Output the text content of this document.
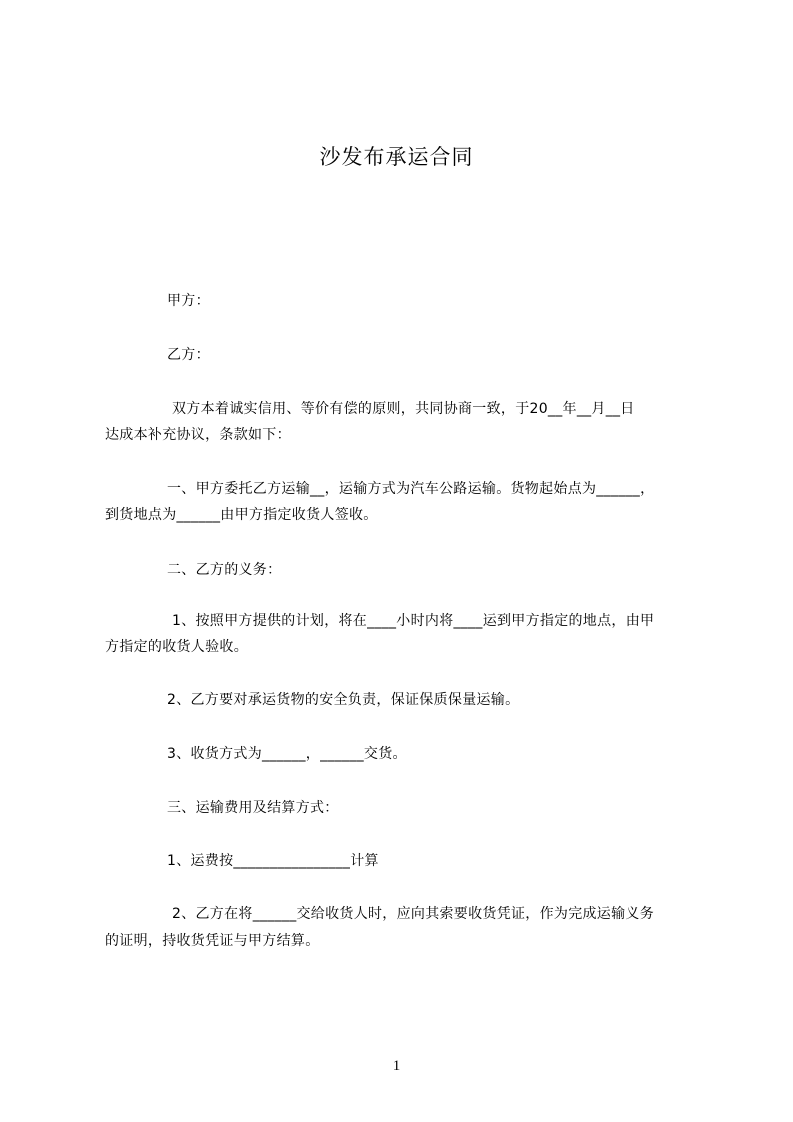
沙发布承运合同
甲方：
乙方：
双方本着诚实信用、等价有偿的原则，共同协商一致，于20__年__月__日
达成本补充协议，条款如下：
一、甲方委托乙方运输__，运输方式为汽车公路运输。货物起始点为______，
到货地点为______由甲方指定收货人签收。
二、乙方的义务：
1、按照甲方提供的计划，将在____小时内将____运到甲方指定的地点，由甲
方指定的收货人验收。
2、乙方要对承运货物的安全负责，保证保质保量运输。
3、收货方式为______，______交货。
三、运输费用及结算方式：
1、运费按________________计算
2、乙方在将______交给收货人时，应向其索要收货凭证，作为完成运输义务
的证明，持收货凭证与甲方结算。
1
